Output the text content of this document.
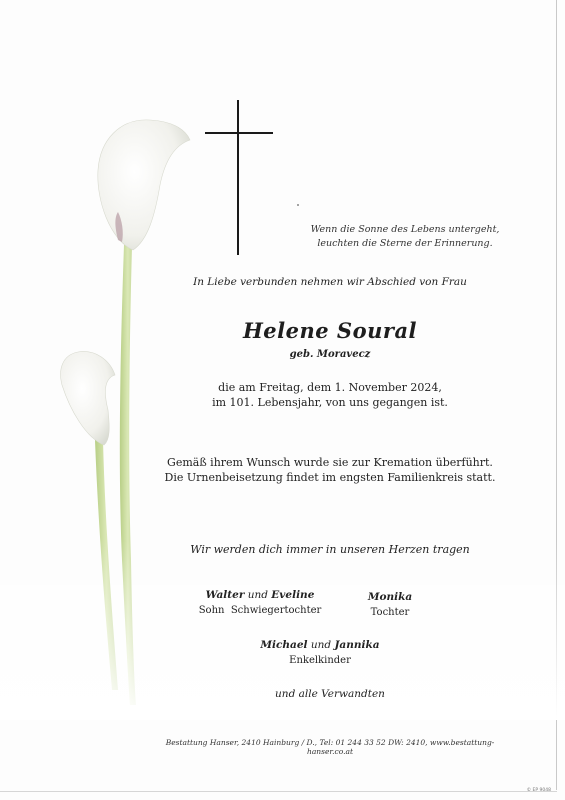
Wenn die Sonne des Lebens untergeht,
leuchten die Sterne der Erinnerung.
In Liebe verbunden nehmen wir Abschied von Frau
Helene Soural
geb. Moravecz
die am Freitag, dem 1. November 2024,
im 101. Lebensjahr, von uns gegangen ist.
Gemäß ihrem Wunsch wurde sie zur Kremation überführt.
Die Urnenbeisetzung findet im engsten Familienkreis statt.
Wir werden dich immer in unseren Herzen tragen
Walter und Eveline
Sohn Schwiegertochter
Monika
Tochter
Michael und Jannika
Enkelkinder
und alle Verwandten
Bestattung Hanser, 2410 Hainburg / D., Tel: 01 244 33 52 DW: 2410, www.bestattung-hanser.co.at
© EP 9048
